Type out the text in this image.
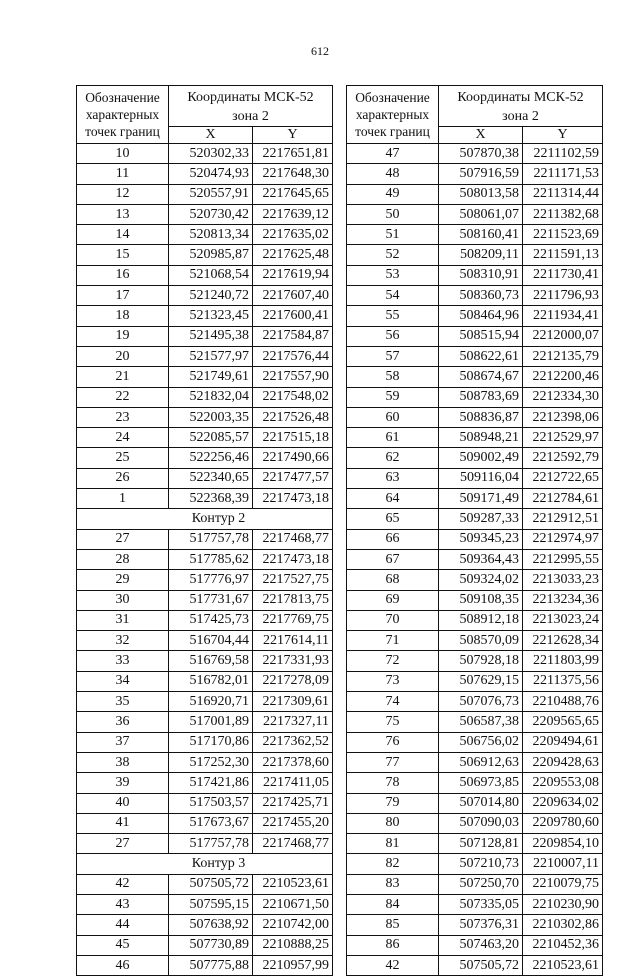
612
Обозначение
характерных
точек границ	Координаты МСК-52
зона 2	
	X	Y
10	520302,33	2217651,81
11	520474,93	2217648,30
12	520557,91	2217645,65
13	520730,42	2217639,12
14	520813,34	2217635,02
15	520985,87	2217625,48
16	521068,54	2217619,94
17	521240,72	2217607,40
18	521323,45	2217600,41
19	521495,38	2217584,87
20	521577,97	2217576,44
21	521749,61	2217557,90
22	521832,04	2217548,02
23	522003,35	2217526,48
24	522085,57	2217515,18
25	522256,46	2217490,66
26	522340,65	2217477,57
1	522368,39	2217473,18
Контур 2		
27	517757,78	2217468,77
28	517785,62	2217473,18
29	517776,97	2217527,75
30	517731,67	2217813,75
31	517425,73	2217769,75
32	516704,44	2217614,11
33	516769,58	2217331,93
34	516782,01	2217278,09
35	516920,71	2217309,61
36	517001,89	2217327,11
37	517170,86	2217362,52
38	517252,30	2217378,60
39	517421,86	2217411,05
40	517503,57	2217425,71
41	517673,67	2217455,20
27	517757,78	2217468,77
Контур 3		
42	507505,72	2210523,61
43	507595,15	2210671,50
44	507638,92	2210742,00
45	507730,89	2210888,25
46	507775,88	2210957,99
Обозначение
характерных
точек границ	Координаты МСК-52
зона 2	
	X	Y
47	507870,38	2211102,59
48	507916,59	2211171,53
49	508013,58	2211314,44
50	508061,07	2211382,68
51	508160,41	2211523,69
52	508209,11	2211591,13
53	508310,91	2211730,41
54	508360,73	2211796,93
55	508464,96	2211934,41
56	508515,94	2212000,07
57	508622,61	2212135,79
58	508674,67	2212200,46
59	508783,69	2212334,30
60	508836,87	2212398,06
61	508948,21	2212529,97
62	509002,49	2212592,79
63	509116,04	2212722,65
64	509171,49	2212784,61
65	509287,33	2212912,51
66	509345,23	2212974,97
67	509364,43	2212995,55
68	509324,02	2213033,23
69	509108,35	2213234,36
70	508912,18	2213023,24
71	508570,09	2212628,34
72	507928,18	2211803,99
73	507629,15	2211375,56
74	507076,73	2210488,76
75	506587,38	2209565,65
76	506756,02	2209494,61
77	506912,63	2209428,63
78	506973,85	2209553,08
79	507014,80	2209634,02
80	507090,03	2209780,60
81	507128,81	2209854,10
82	507210,73	2210007,11
83	507250,70	2210079,75
84	507335,05	2210230,90
85	507376,31	2210302,86
86	507463,20	2210452,36
42	507505,72	2210523,61
